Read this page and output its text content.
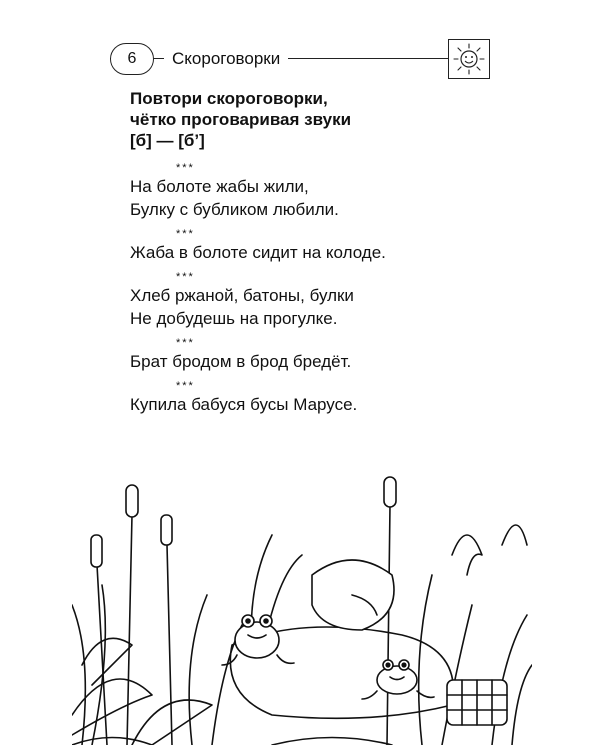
6	Скороговорки
Повтори скороговорки,
чётко проговаривая звуки
[б] — [б’]
***
На болоте жабы жили,
Булку с бубликом любили.
***
Жаба в болоте сидит на колоде.
***
Хлеб ржаной, батоны, булки
Не добудешь на прогулке.
***
Брат бродом в брод бредёт.
***
Купила бабуся бусы Марусе.
